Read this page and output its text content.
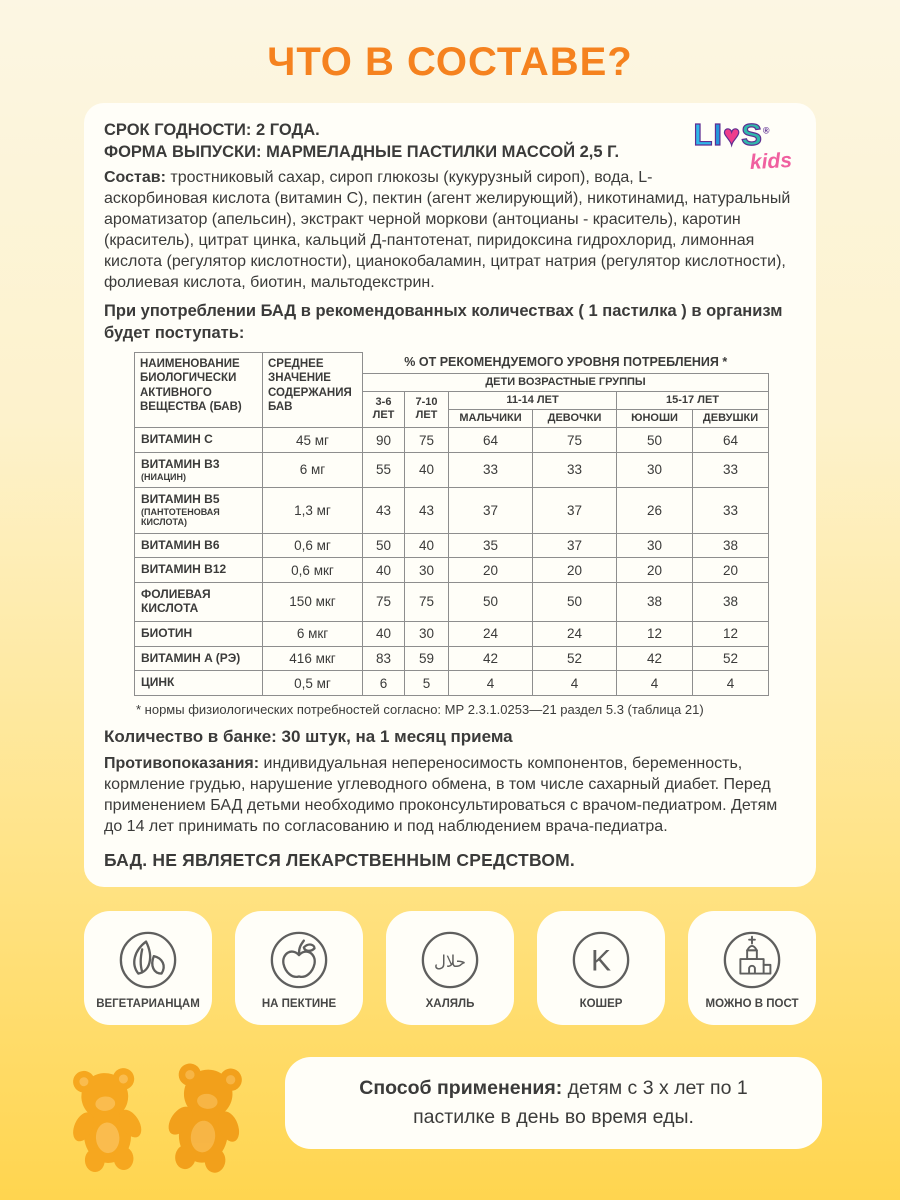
ЧТО В СОСТАВЕ?
LI♥S®
kids
СРОК ГОДНОСТИ: 2 ГОДА.
ФОРМА ВЫПУСКИ: МАРМЕЛАДНЫЕ ПАСТИЛКИ МАССОЙ 2,5 Г.
Состав: тростниковый сахар, сироп глюкозы (кукурузный сироп), вода, L-аскорбиновая кислота (витамин C), пектин (агент желирующий), никотинамид, натуральный ароматизатор (апельсин), экстракт черной моркови (антоцианы - краситель), каротин (краситель), цитрат цинка, кальций Д-пантотенат, пиридоксина гидрохлорид, лимонная кислота (регулятор кислотности), цианокобаламин, цитрат натрия (регулятор кислотности), фолиевая кислота, биотин, мальтодекстрин.
При употреблении БАД в рекомендованных количествах ( 1 пастилка ) в организм будет поступать:
НАИМЕНОВАНИЕ БИОЛОГИЧЕСКИ АКТИВНОГО ВЕЩЕСТВА (БАВ)	СРЕДНЕЕ ЗНАЧЕНИЕ СОДЕРЖАНИЯ БАВ	% ОТ РЕКОМЕНДУЕМОГО УРОВНЯ ПОТРЕБЛЕНИЯ *					
		ДЕТИ ВОЗРАСТНЫЕ ГРУППЫ					
		3-6 ЛЕТ	7-10 ЛЕТ	11-14 ЛЕТ		15-17 ЛЕТ	
				МАЛЬЧИКИ	ДЕВОЧКИ	ЮНОШИ	ДЕВУШКИ

ВИТАМИН C	45 мг	90	75	64	75	50	64

ВИТАМИН B3
(НИАЦИН)	6 мг	55	40	33	33	30	33

ВИТАМИН B5
(ПАНТОТЕНОВАЯ КИСЛОТА)	1,3 мг	43	43	37	37	26	33

ВИТАМИН B6	0,6 мг	50	40	35	37	30	38

ВИТАМИН B12	0,6 мкг	40	30	20	20	20	20

ФОЛИЕВАЯ КИСЛОТА	150 мкг	75	75	50	50	38	38

БИОТИН	6 мкг	40	30	24	24	12	12

ВИТАМИН A (РЭ)	416 мкг	83	59	42	52	42	52

ЦИНК	0,5 мг	6	5	4	4	4	4
* нормы физиологических потребностей согласно: МР 2.3.1.0253—21 раздел 5.3 (таблица 21)
Количество в банке: 30 штук, на 1 месяц приема
Противопоказания: индивидуальная непереносимость компонентов, беременность, кормление грудью, нарушение углеводного обмена, в том числе сахарный диабет. Перед применением БАД детьми необходимо проконсультироваться с врачом-педиатром. Детям до 14 лет принимать по согласованию и под наблюдением врача-педиатра.
БАД. НЕ ЯВЛЯЕТСЯ ЛЕКАРСТВЕННЫМ СРЕДСТВОМ.
ВЕГЕТАРИАНЦАМ	НА ПЕКТИНЕ
حلال
ХАЛЯЛЬ
K
КОШЕР	МОЖНО В ПОСТ

Способ применения: детям с 3 х лет по 1 пастилке в день во время еды.
